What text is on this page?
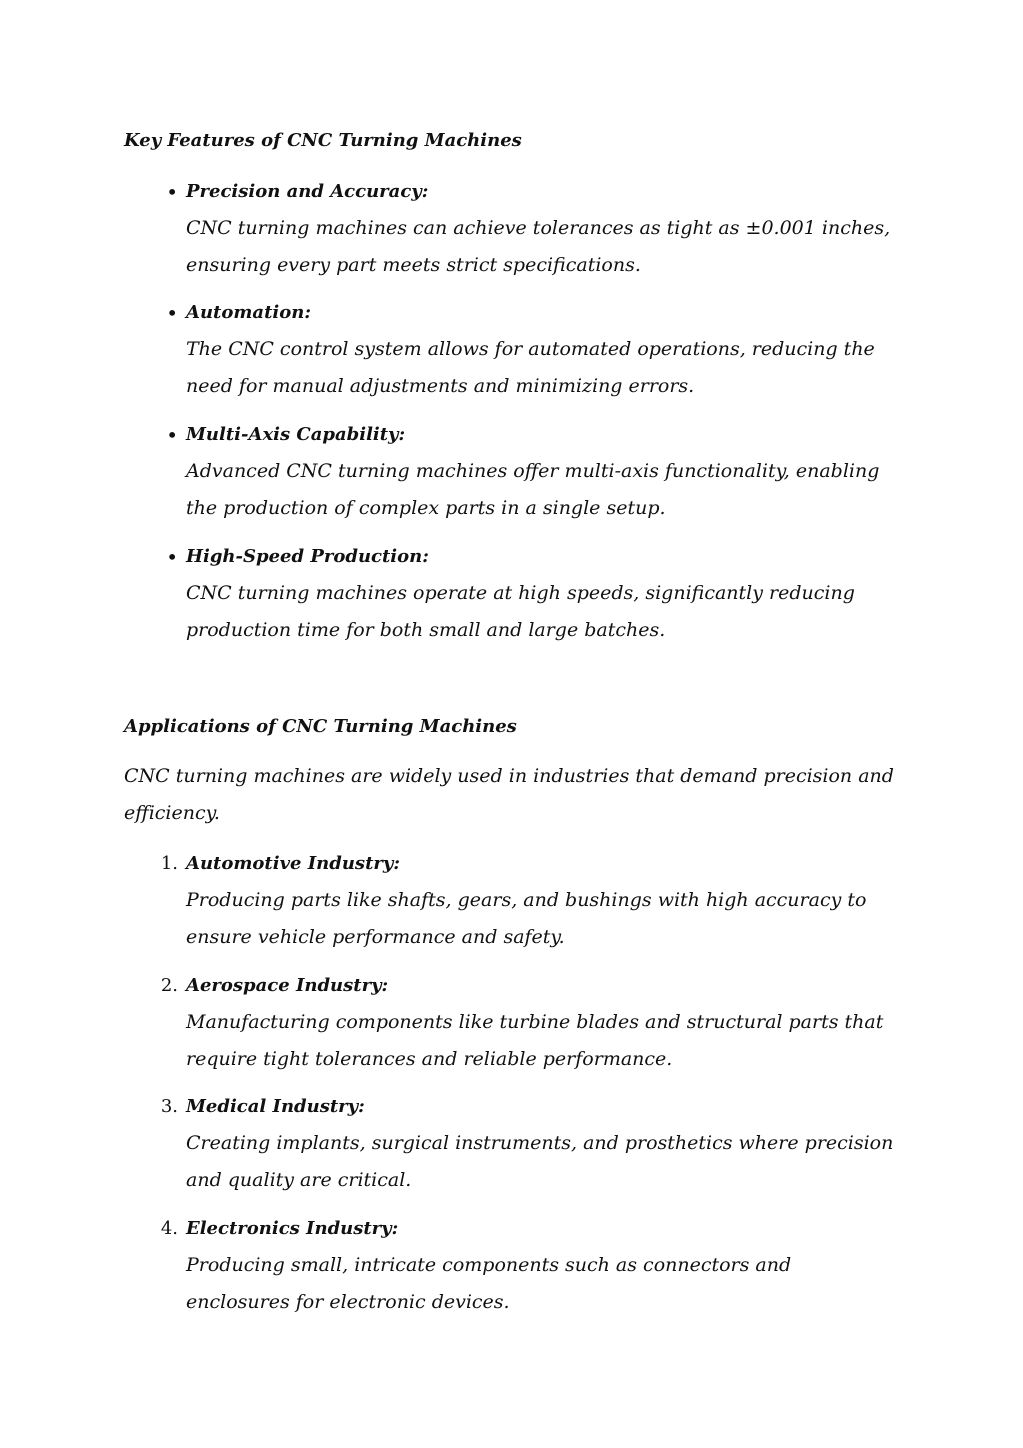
Key Features of CNC Turning Machines
• Precision and Accuracy:
CNC turning machines can achieve tolerances as tight as ±0.001 inches, ensuring every part meets strict specifications.
• Automation:
The CNC control system allows for automated operations, reducing the need for manual adjustments and minimizing errors.
• Multi-Axis Capability:
Advanced CNC turning machines offer multi-axis functionality, enabling the production of complex parts in a single setup.
• High-Speed Production:
CNC turning machines operate at high speeds, significantly reducing production time for both small and large batches.
Applications of CNC Turning Machines
CNC turning machines are widely used in industries that demand precision and efficiency.
1. Automotive Industry:
Producing parts like shafts, gears, and bushings with high accuracy to ensure vehicle performance and safety.
2. Aerospace Industry:
Manufacturing components like turbine blades and structural parts that require tight tolerances and reliable performance.
3. Medical Industry:
Creating implants, surgical instruments, and prosthetics where precision and quality are critical.
4. Electronics Industry:
Producing small, intricate components such as connectors and enclosures for electronic devices.
